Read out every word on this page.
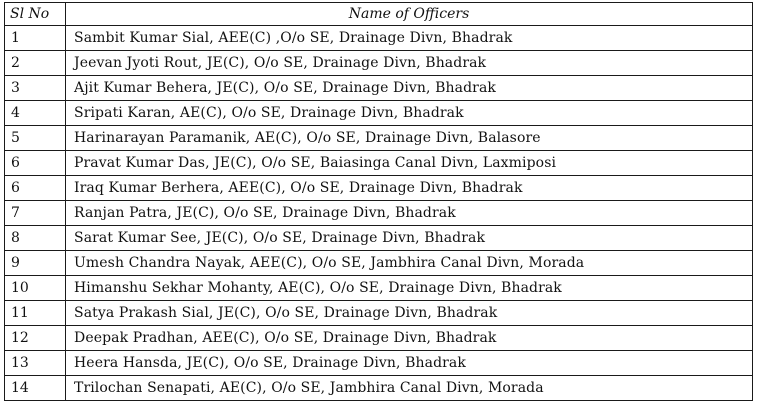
Sl No	Name of Officers
1	Sambit Kumar Sial, AEE(C) ,O/o SE, Drainage Divn, Bhadrak
2	Jeevan Jyoti Rout, JE(C), O/o SE, Drainage Divn, Bhadrak
3	Ajit Kumar Behera, JE(C), O/o SE, Drainage Divn, Bhadrak
4	Sripati Karan, AE(C), O/o SE, Drainage Divn, Bhadrak
5	Harinarayan Paramanik, AE(C), O/o SE, Drainage Divn, Balasore
6	Pravat Kumar Das, JE(C), O/o SE, Baiasinga Canal Divn, Laxmiposi
6	Iraq Kumar Berhera, AEE(C), O/o SE, Drainage Divn, Bhadrak
7	Ranjan Patra, JE(C), O/o SE, Drainage Divn, Bhadrak
8	Sarat Kumar See, JE(C), O/o SE, Drainage Divn, Bhadrak
9	Umesh Chandra Nayak, AEE(C), O/o SE, Jambhira Canal Divn, Morada
10	Himanshu Sekhar Mohanty, AE(C), O/o SE, Drainage Divn, Bhadrak
11	Satya Prakash Sial, JE(C), O/o SE, Drainage Divn, Bhadrak
12	Deepak Pradhan, AEE(C), O/o SE, Drainage Divn, Bhadrak
13	Heera Hansda, JE(C), O/o SE, Drainage Divn, Bhadrak
14	Trilochan Senapati, AE(C), O/o SE, Jambhira Canal Divn, Morada
